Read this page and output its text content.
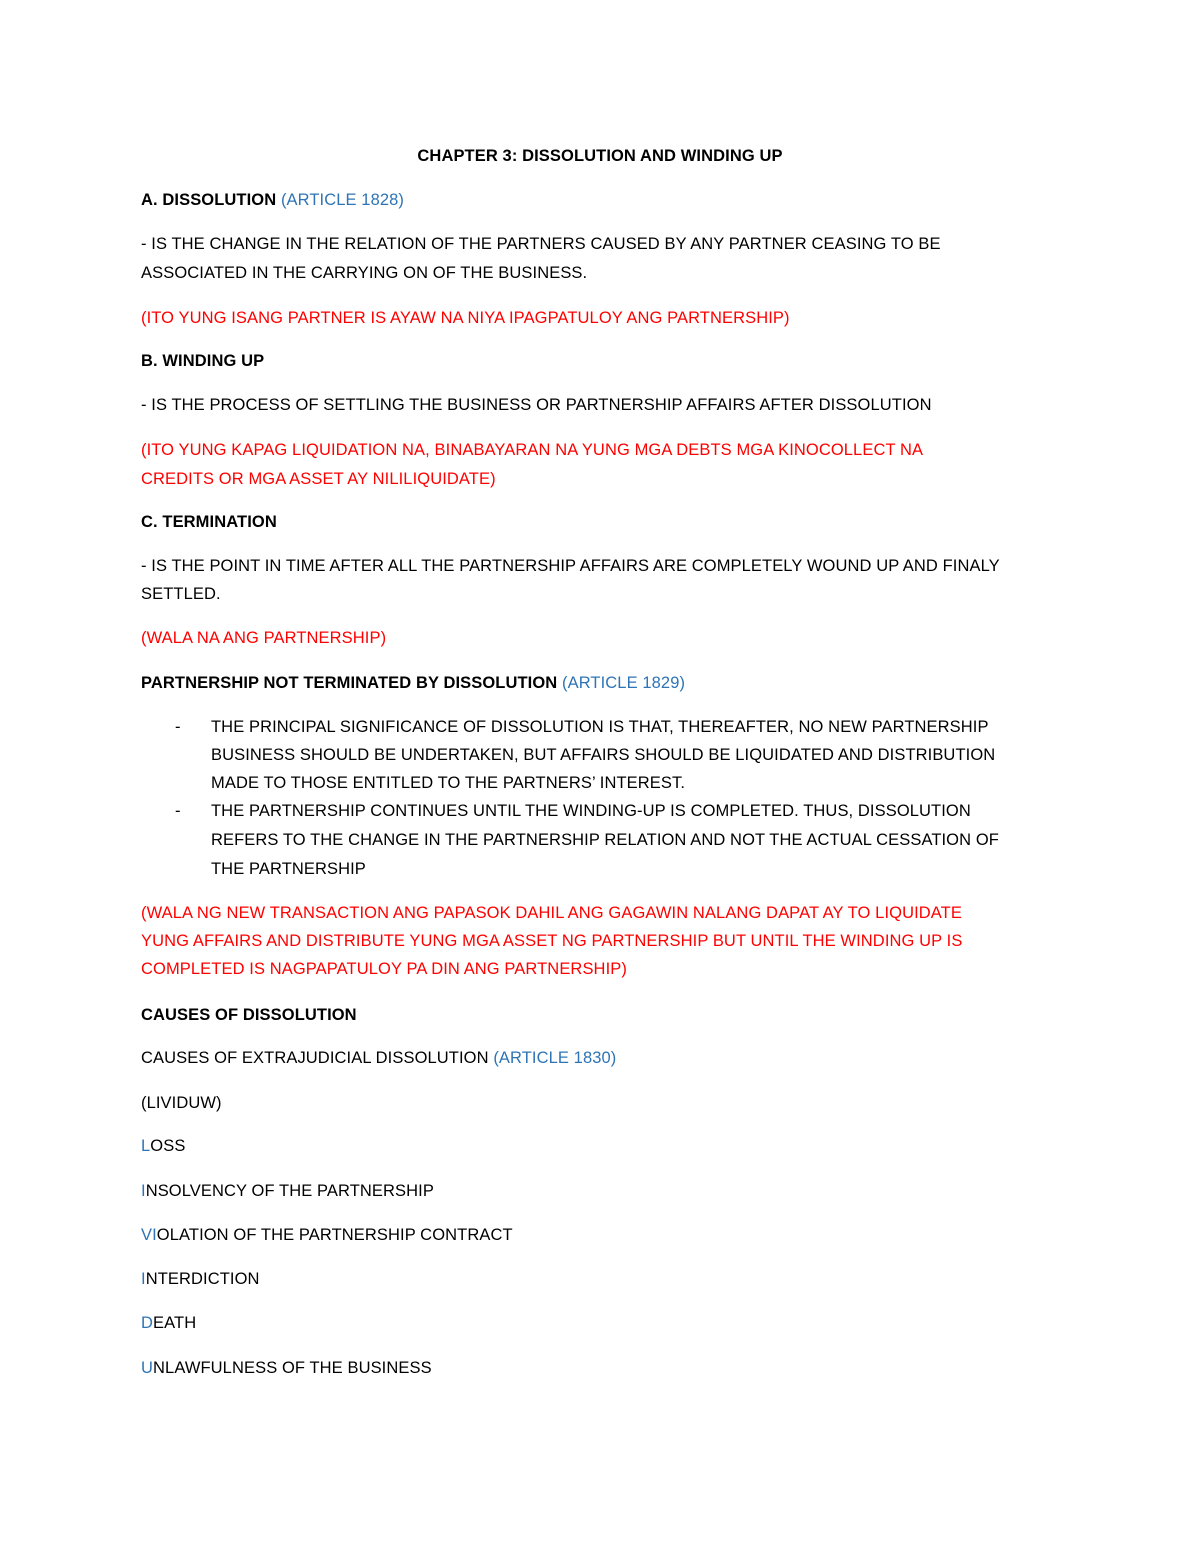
CHAPTER 3: DISSOLUTION AND WINDING UP
A. DISSOLUTION (ARTICLE 1828)
- IS THE CHANGE IN THE RELATION OF THE PARTNERS CAUSED BY ANY PARTNER CEASING TO BE
ASSOCIATED IN THE CARRYING ON OF THE BUSINESS.
(ITO YUNG ISANG PARTNER IS AYAW NA NIYA IPAGPATULOY ANG PARTNERSHIP)
B. WINDING UP
- IS THE PROCESS OF SETTLING THE BUSINESS OR PARTNERSHIP AFFAIRS AFTER DISSOLUTION
(ITO YUNG KAPAG LIQUIDATION NA, BINABAYARAN NA YUNG MGA DEBTS MGA KINOCOLLECT NA
CREDITS OR MGA ASSET AY NILILIQUIDATE)
C. TERMINATION
- IS THE POINT IN TIME AFTER ALL THE PARTNERSHIP AFFAIRS ARE COMPLETELY WOUND UP AND FINALY
SETTLED.
(WALA NA ANG PARTNERSHIP)
PARTNERSHIP NOT TERMINATED BY DISSOLUTION (ARTICLE 1829)
- THE PRINCIPAL SIGNIFICANCE OF DISSOLUTION IS THAT, THEREAFTER, NO NEW PARTNERSHIP
BUSINESS SHOULD BE UNDERTAKEN, BUT AFFAIRS SHOULD BE LIQUIDATED AND DISTRIBUTION
MADE TO THOSE ENTITLED TO THE PARTNERS’ INTEREST.
- THE PARTNERSHIP CONTINUES UNTIL THE WINDING-UP IS COMPLETED. THUS, DISSOLUTION
REFERS TO THE CHANGE IN THE PARTNERSHIP RELATION AND NOT THE ACTUAL CESSATION OF
THE PARTNERSHIP
(WALA NG NEW TRANSACTION ANG PAPASOK DAHIL ANG GAGAWIN NALANG DAPAT AY TO LIQUIDATE
YUNG AFFAIRS AND DISTRIBUTE YUNG MGA ASSET NG PARTNERSHIP BUT UNTIL THE WINDING UP IS
COMPLETED IS NAGPAPATULOY PA DIN ANG PARTNERSHIP)
CAUSES OF DISSOLUTION
CAUSES OF EXTRAJUDICIAL DISSOLUTION (ARTICLE 1830)
(LIVIDUW)
LOSS
INSOLVENCY OF THE PARTNERSHIP
VIOLATION OF THE PARTNERSHIP CONTRACT
INTERDICTION
DEATH
UNLAWFULNESS OF THE BUSINESS
